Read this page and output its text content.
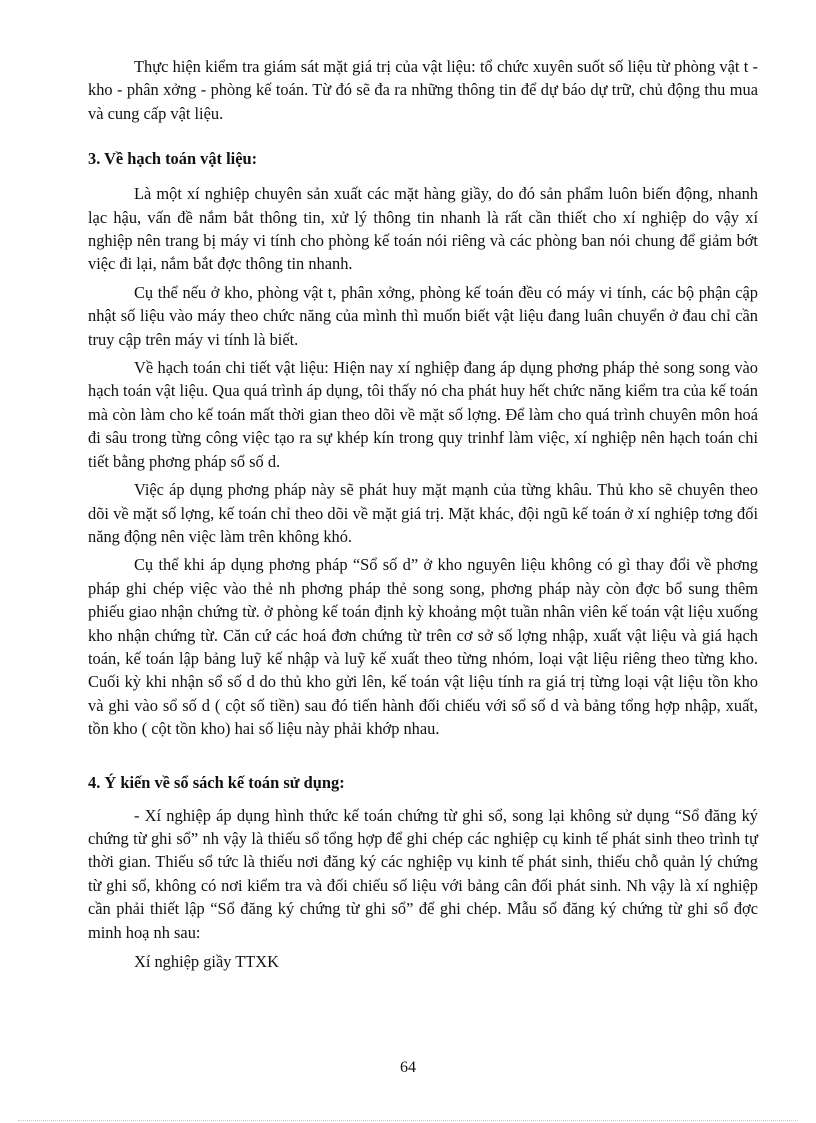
Thực hiện kiểm tra giám sát mặt giá trị của vật liệu: tổ chức xuyên suốt số liệu từ phòng vật t - kho - phân xởng - phòng kế toán. Từ đó sẽ đa ra những thông tin để dự báo dự trữ, chủ động thu mua và cung cấp vật liệu.

3. Về hạch toán vật liệu:

Là một xí nghiệp chuyên sản xuất các mặt hàng giầy, do đó sản phẩm luôn biến động, nhanh lạc hậu, vấn đề nắm bắt thông tin, xử lý thông tin nhanh là rất cần thiết cho xí nghiệp do vậy xí nghiệp nên trang bị máy vi tính cho phòng kế toán nói riêng và các phòng ban nói chung để giảm bớt việc đi lại, nắm bắt đợc thông tin nhanh.

Cụ thể nếu ở kho, phòng vật t, phân xởng, phòng kế toán đều có máy vi tính, các bộ phận cập nhật số liệu vào máy theo chức năng của mình thì muốn biết vật liệu đang luân chuyển ở đau chỉ cần truy cập trên máy vi tính là biết.

Về hạch toán chi tiết vật liệu: Hiện nay xí nghiệp đang áp dụng phơng pháp thẻ song song vào hạch toán vật liệu. Qua quá trình áp dụng, tôi thấy nó cha phát huy hết chức năng kiểm tra của kế toán mà còn làm cho kế toán mất thời gian theo dõi về mặt số lợng. Để làm cho quá trình chuyên môn hoá đi sâu trong từng công việc tạo ra sự khép kín trong quy trinhf làm việc, xí nghiệp nên hạch toán chi tiết bằng phơng pháp sổ số d.

Việc áp dụng phơng pháp này sẽ phát huy mặt mạnh của từng khâu. Thủ kho sẽ chuyên theo dõi về mặt số lợng, kế toán chỉ theo dõi về mặt giá trị. Mặt khác, đội ngũ kế toán ở xí nghiệp tơng đối năng động nên việc làm trên không khó.

Cụ thể khi áp dụng phơng pháp “Sổ số d” ở kho nguyên liệu không có gì thay đổi về phơng pháp ghi chép việc vào thẻ nh phơng pháp thẻ song song, phơng pháp này còn đợc bổ sung thêm phiếu giao nhận chứng từ. ở phòng kế toán định kỳ khoảng một tuần nhân viên kế toán vật liệu xuống kho nhận chứng từ. Căn cứ các hoá đơn chứng từ trên cơ sở số lợng nhập, xuất vật liệu và giá hạch toán, kế toán lập bảng luỹ kế nhập và luỹ kế xuất theo từng nhóm, loại vật liệu riêng theo từng kho. Cuối kỳ khi nhận sổ số d do thủ kho gửi lên, kế toán vật liệu tính ra giá trị từng loại vật liệu tồn kho và ghi vào sổ số d ( cột số tiền) sau đó tiến hành đối chiếu với sổ số d và bảng tổng hợp nhập, xuất, tồn kho ( cột tồn kho) hai số liệu này phải khớp nhau.

4. Ý kiến về sổ sách kế toán sử dụng:

- Xí nghiệp áp dụng hình thức kế toán chứng từ ghi sổ, song lại không sử dụng “Sổ đăng ký chứng từ ghi sổ” nh vậy là thiếu sổ tổng hợp để ghi chép các nghiệp cụ kinh tế phát sinh theo trình tự thời gian. Thiếu sổ tức là thiếu nơi đăng ký các nghiệp vụ kinh tế phát sinh, thiếu chỗ quản lý chứng từ ghi sổ, không có nơi kiểm tra và đối chiếu số liệu với bảng cân đối phát sinh. Nh vậy là xí nghiệp cần phải thiết lập “Sổ đăng ký chứng từ ghi sổ” để ghi chép. Mẫu sổ đăng ký chứng từ ghi sổ đợc minh hoạ nh sau:

Xí nghiệp giầy TTXK

64
